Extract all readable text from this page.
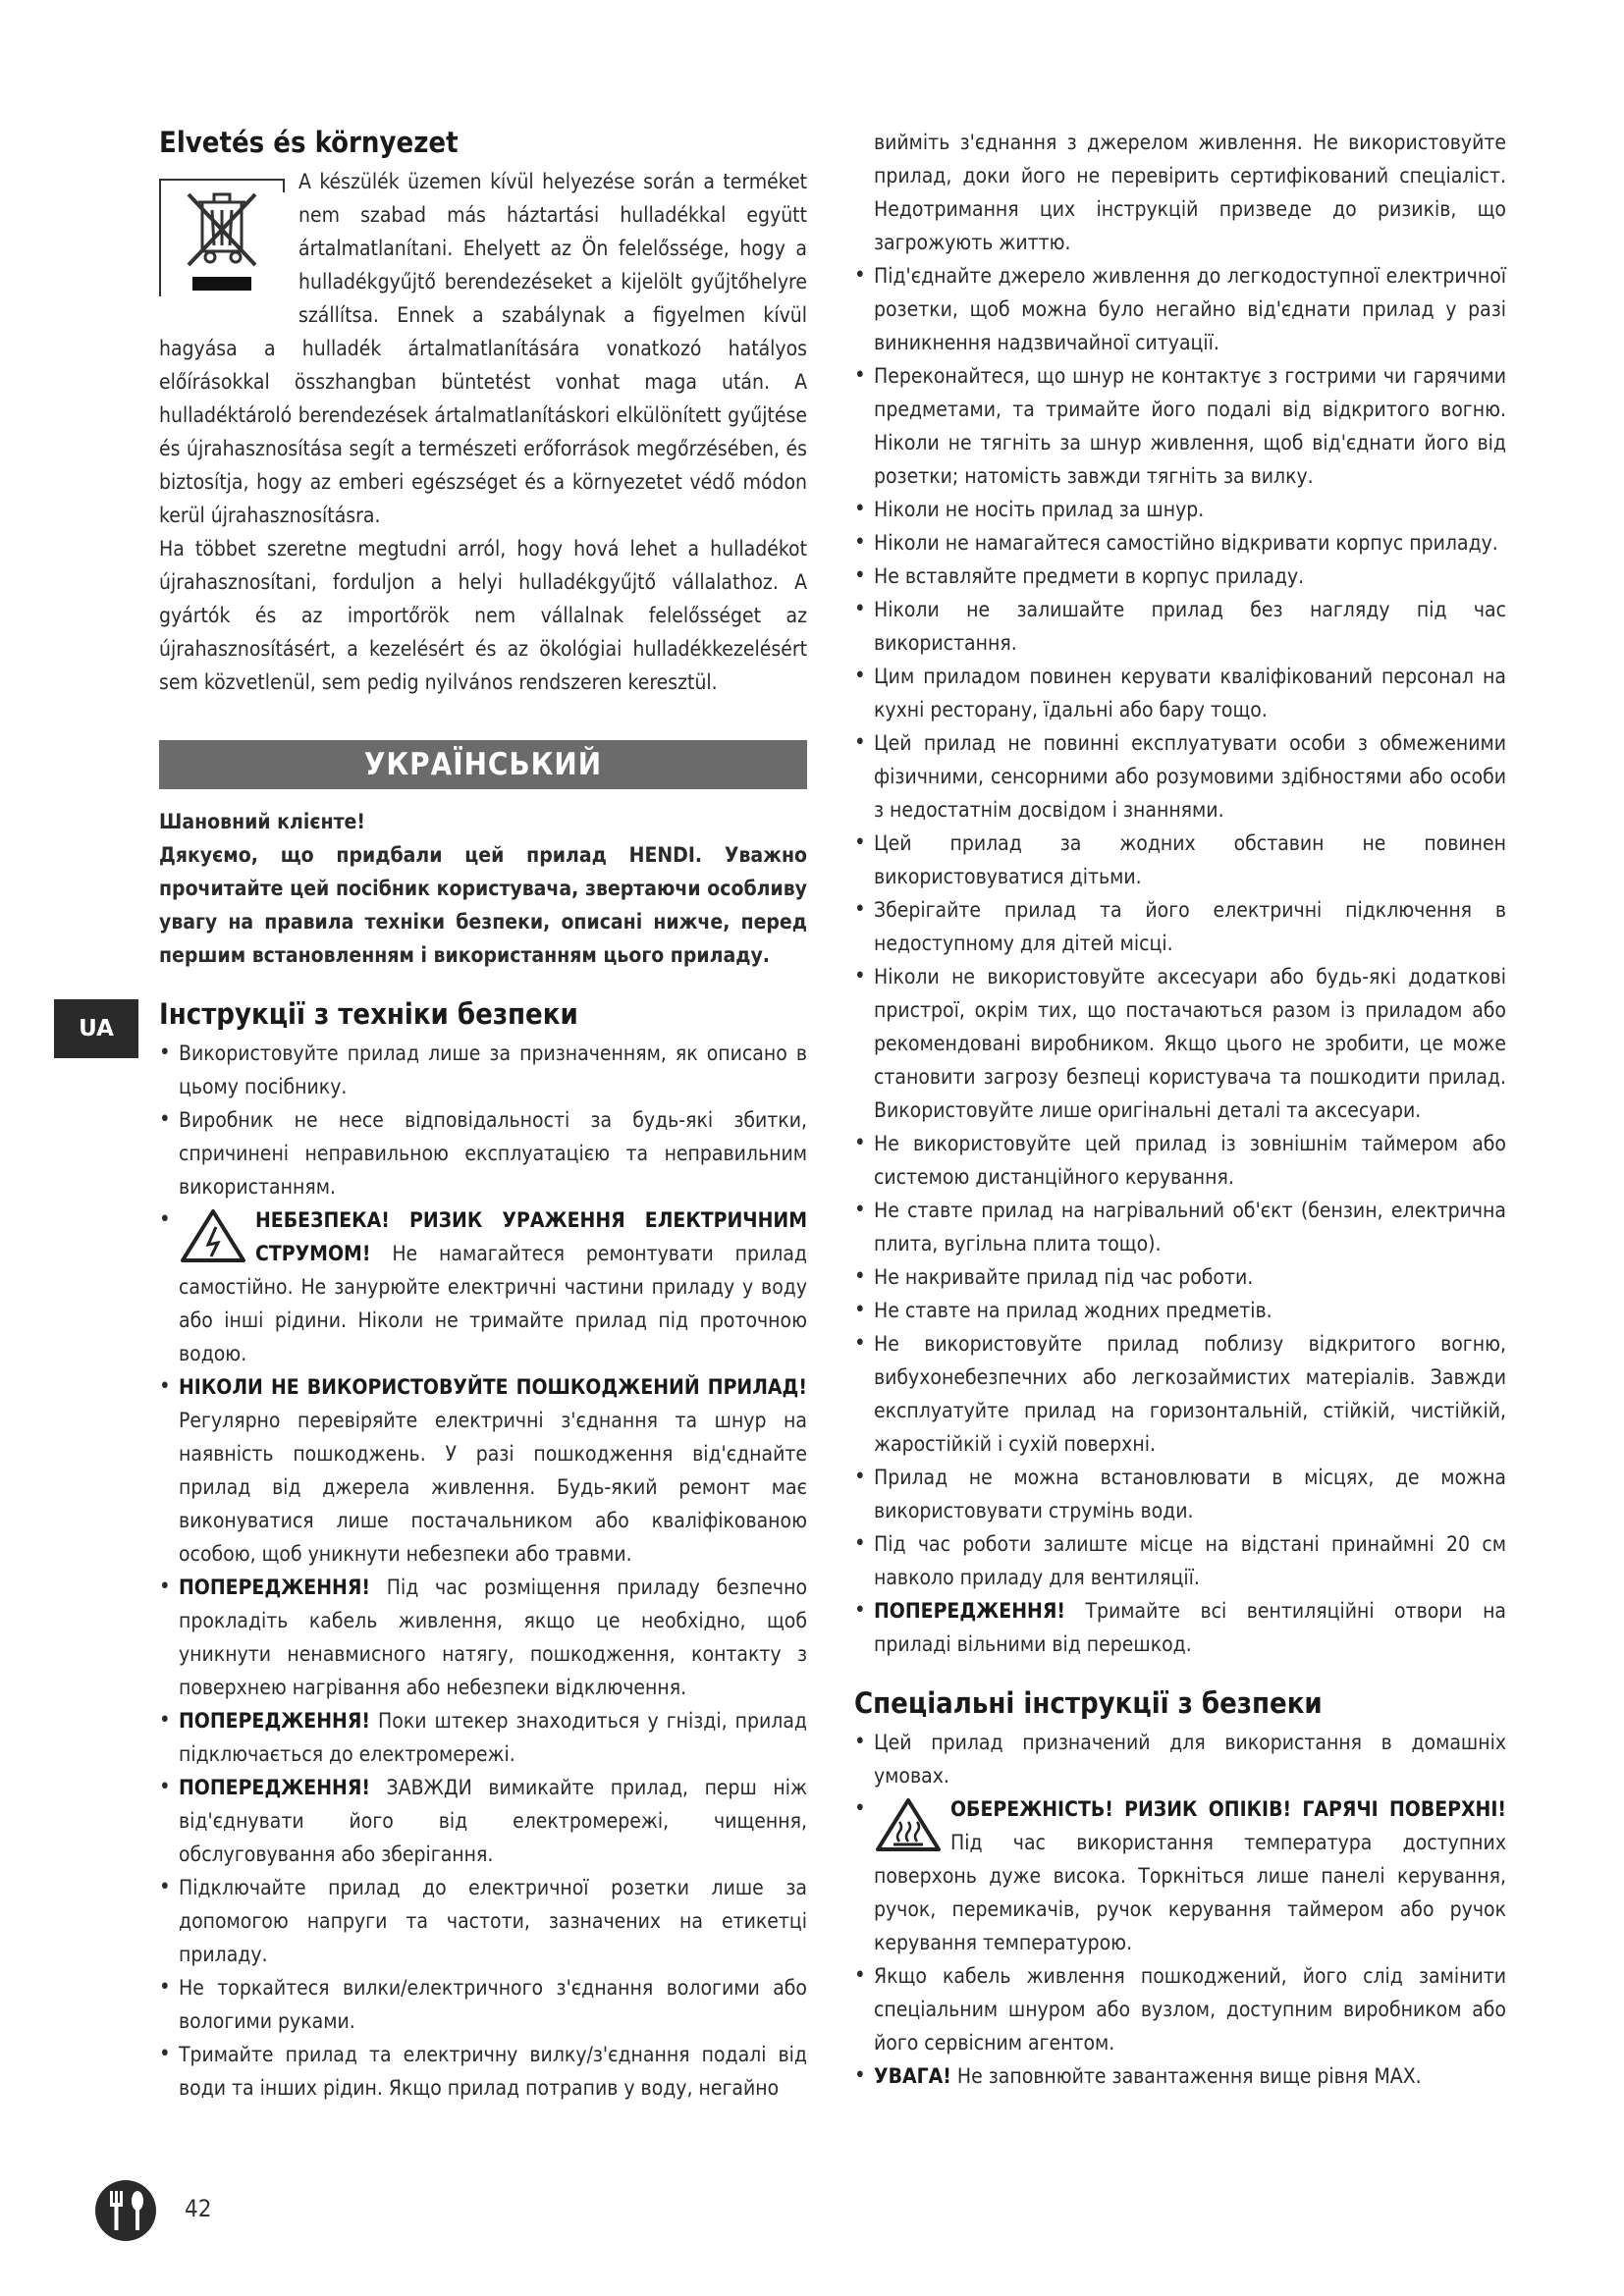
UA
Elvetés és környezet

A készülék üzemen kívül helyezése során a terméket nem szabad más háztartási hulladékkal együtt ártalmatlanítani. Ehelyett az Ön felelőssége, hogy a hulladékgyűjtő berendezéseket a kijelölt gyűjtőhelyre szállítsa. Ennek a szabálynak a figyelmen kívül hagyása a hulladék ártalmatlanítására vonatkozó hatályos előírásokkal összhangban büntetést vonhat maga után. A hulladéktároló berendezések ártalmatlanításkori elkülönített gyűjtése és újrahasznosítása segít a természeti erőforrások megőrzésében, és biztosítja, hogy az emberi egészséget és a környezetet védő módon kerül újrahasznosításra.

Ha többet szeretne megtudni arról, hogy hová lehet a hulladékot újrahasznosítani, forduljon a helyi hulladékgyűjtő vállalathoz. A gyártók és az importőrök nem vállalnak felelősséget az újrahasznosításért, a kezelésért és az ökológiai hulladékkezelésért sem közvetlenül, sem pedig nyilvános rendszeren keresztül.

УКРАЇНСЬКИЙ

Шановний клієнте!

Дякуємо, що придбали цей прилад HENDI. Уважно прочитайте цей посібник користувача, звертаючи особливу увагу на правила техніки безпеки, описані нижче, перед першим встановленням і використанням цього приладу.

Інструкції з техніки безпеки
• Використовуйте прилад лише за призначенням, як описано в цьому посібнику.
• Виробник не несе відповідальності за будь-які збитки, спричинені неправильною експлуатацією та неправильним використанням.
• НЕБЕЗПЕКА! РИЗИК УРАЖЕННЯ ЕЛЕКТРИЧНИМ СТРУМОМ! Не намагайтеся ремонтувати прилад самостійно. Не занурюйте електричні частини приладу у воду або інші рідини. Ніколи не тримайте прилад під проточною водою.
• НІКОЛИ НЕ ВИКОРИСТОВУЙТЕ ПОШКОДЖЕНИЙ ПРИЛАД! Регулярно перевіряйте електричні з'єднання та шнур на наявність пошкоджень. У разі пошкодження від'єднайте прилад від джерела живлення. Будь-який ремонт має виконуватися лише постачальником або кваліфікованою особою, щоб уникнути небезпеки або травми.
• ПОПЕРЕДЖЕННЯ! Під час розміщення приладу безпечно прокладіть кабель живлення, якщо це необхідно, щоб уникнути ненавмисного натягу, пошкодження, контакту з поверхнею нагрівання або небезпеки відключення.
• ПОПЕРЕДЖЕННЯ! Поки штекер знаходиться у гнізді, прилад підключається до електромережі.
• ПОПЕРЕДЖЕННЯ! ЗАВЖДИ вимикайте прилад, перш ніж від'єднувати його від електромережі, чищення, обслуговування або зберігання.
• Підключайте прилад до електричної розетки лише за допомогою напруги та частоти, зазначених на етикетці приладу.
• Не торкайтеся вилки/електричного з'єднання вологими або вологими руками.
• Тримайте прилад та електричну вилку/з'єднання подалі від води та інших рідин. Якщо прилад потрапив у воду, негайно

вийміть з'єднання з джерелом живлення. Не використовуйте прилад, доки його не перевірить сертифікований спеціаліст. Недотримання цих інструкцій призведе до ризиків, що загрожують життю.

• Під'єднайте джерело живлення до легкодоступної електричної розетки, щоб можна було негайно від'єднати прилад у разі виникнення надзвичайної ситуації.
• Переконайтеся, що шнур не контактує з гострими чи гарячими предметами, та тримайте його подалі від відкритого вогню. Ніколи не тягніть за шнур живлення, щоб від'єднати його від розетки; натомість завжди тягніть за вилку.
• Ніколи не носіть прилад за шнур.
• Ніколи не намагайтеся самостійно відкривати корпус приладу.
• Не вставляйте предмети в корпус приладу.
• Ніколи не залишайте прилад без нагляду під час використання.
• Цим приладом повинен керувати кваліфікований персонал на кухні ресторану, їдальні або бару тощо.
• Цей прилад не повинні експлуатувати особи з обмеженими фізичними, сенсорними або розумовими здібностями або особи з недостатнім досвідом і знаннями.
• Цей прилад за жодних обставин не повинен використовуватися дітьми.
• Зберігайте прилад та його електричні підключення в недоступному для дітей місці.
• Ніколи не використовуйте аксесуари або будь-які додаткові пристрої, окрім тих, що постачаються разом із приладом або рекомендовані виробником. Якщо цього не зробити, це може становити загрозу безпеці користувача та пошкодити прилад. Використовуйте лише оригінальні деталі та аксесуари.
• Не використовуйте цей прилад із зовнішнім таймером або системою дистанційного керування.
• Не ставте прилад на нагрівальний об'єкт (бензин, електрична плита, вугільна плита тощо).
• Не накривайте прилад під час роботи.
• Не ставте на прилад жодних предметів.
• Не використовуйте прилад поблизу відкритого вогню, вибухонебезпечних або легкозаймистих матеріалів. Завжди експлуатуйте прилад на горизонтальній, стійкій, чистійкій, жаростійкій і сухій поверхні.
• Прилад не можна встановлювати в місцях, де можна використовувати струмінь води.
• Під час роботи залиште місце на відстані принаймні 20 см навколо приладу для вентиляції.
• ПОПЕРЕДЖЕННЯ! Тримайте всі вентиляційні отвори на приладі вільними від перешкод.
Спеціальні інструкції з безпеки
• Цей прилад призначений для використання в домашніх умовах.
• ОБЕРЕЖНІСТЬ! РИЗИК ОПІКІВ! ГАРЯЧІ ПОВЕРХНІ! Під час використання температура доступних поверхонь дуже висока. Торкніться лише панелі керування, ручок, перемикачів, ручок керування таймером або ручок керування температурою.
• Якщо кабель живлення пошкоджений, його слід замінити спеціальним шнуром або вузлом, доступним виробником або його сервісним агентом.
• УВАГА! Не заповнюйте завантаження вище рівня MAX.
42
